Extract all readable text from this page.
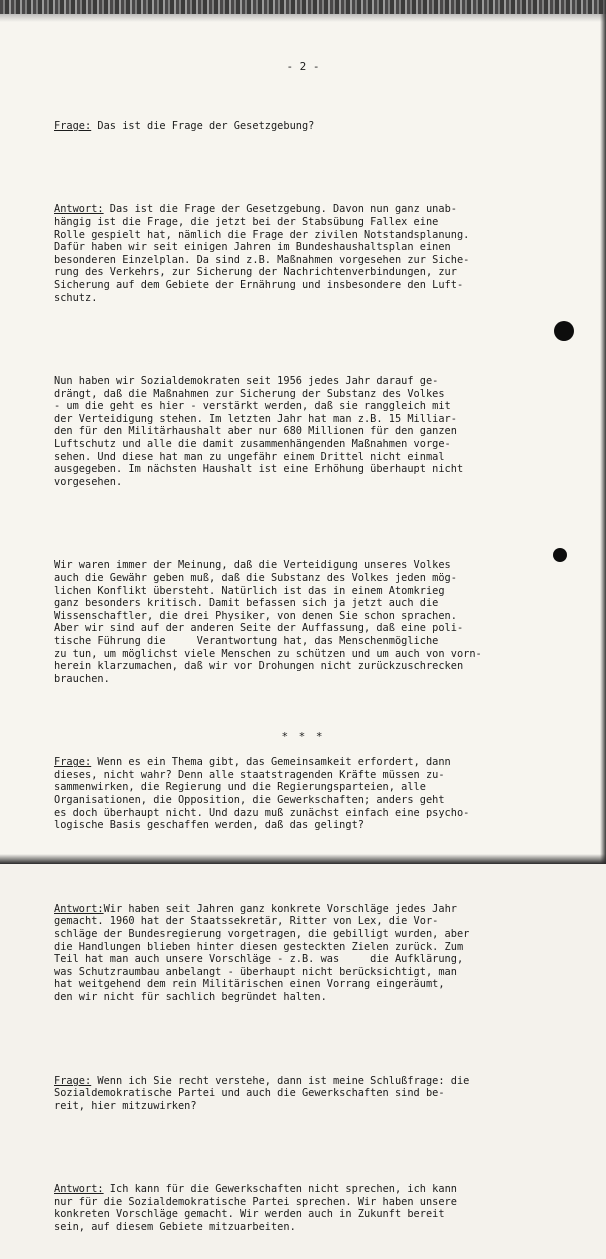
- 2 -

Frage: Das ist die Frage der Gesetzgebung?

Antwort: Das ist die Frage der Gesetzgebung. Davon nun ganz unab-
hängig ist die Frage, die jetzt bei der Stabsübung Fallex eine
Rolle gespielt hat, nämlich die Frage der zivilen Notstandsplanung.
Dafür haben wir seit einigen Jahren im Bundeshaushaltsplan einen
besonderen Einzelplan. Da sind z.B. Maßnahmen vorgesehen zur Siche-
rung des Verkehrs, zur Sicherung der Nachrichtenverbindungen, zur
Sicherung auf dem Gebiete der Ernährung und insbesondere den Luft-
schutz.

Nun haben wir Sozialdemokraten seit 1956 jedes Jahr darauf ge-
drängt, daß die Maßnahmen zur Sicherung der Substanz des Volkes
- um die geht es hier - verstärkt werden, daß sie ranggleich mit
der Verteidigung stehen. Im letzten Jahr hat man z.B. 15 Milliar-
den für den Militärhaushalt aber nur 680 Millionen für den ganzen
Luftschutz und alle die damit zusammenhängenden Maßnahmen vorge-
sehen. Und diese hat man zu ungefähr einem Drittel nicht einmal
ausgegeben. Im nächsten Haushalt ist eine Erhöhung überhaupt nicht
vorgesehen.

Wir waren immer der Meinung, daß die Verteidigung unseres Volkes
auch die Gewähr geben muß, daß die Substanz des Volkes jeden mög-
lichen Konflikt übersteht. Natürlich ist das in einem Atomkrieg
ganz besonders kritisch. Damit befassen sich ja jetzt auch die
Wissenschaftler, die drei Physiker, von denen Sie schon sprachen.
Aber wir sind auf der anderen Seite der Auffassung, daß eine poli-
tische Führung die     Verantwortung hat, das Menschenmögliche
zu tun, um möglichst viele Menschen zu schützen und um auch von vorn-
herein klarzumachen, daß wir vor Drohungen nicht zurückzuschrecken
brauchen.

Frage: Wenn es ein Thema gibt, das Gemeinsamkeit erfordert, dann
dieses, nicht wahr? Denn alle staatstragenden Kräfte müssen zu-
sammenwirken, die Regierung und die Regierungsparteien, alle
Organisationen, die Opposition, die Gewerkschaften; anders geht
es doch überhaupt nicht. Und dazu muß zunächst einfach eine psycho-
logische Basis geschaffen werden, daß das gelingt?

Antwort:Wir haben seit Jahren ganz konkrete Vorschläge jedes Jahr
gemacht. 1960 hat der Staatssekretär, Ritter von Lex, die Vor-
schläge der Bundesregierung vorgetragen, die gebilligt wurden, aber
die Handlungen blieben hinter diesen gesteckten Zielen zurück. Zum
Teil hat man auch unsere Vorschläge - z.B. was     die Aufklärung,
was Schutzraumbau anbelangt - überhaupt nicht berücksichtigt, man
hat weitgehend dem rein Militärischen einen Vorrang eingeräumt,
den wir nicht für sachlich begründet halten.

Frage: Wenn ich Sie recht verstehe, dann ist meine Schlußfrage: die
Sozialdemokratische Partei und auch die Gewerkschaften sind be-
reit, hier mitzuwirken?

Antwort: Ich kann für die Gewerkschaften nicht sprechen, ich kann
nur für die Sozialdemokratische Partei sprechen. Wir haben unsere
konkreten Vorschläge gemacht. Wir werden auch in Zukunft bereit
sein, auf diesem Gebiete mitzuarbeiten.

* * *
